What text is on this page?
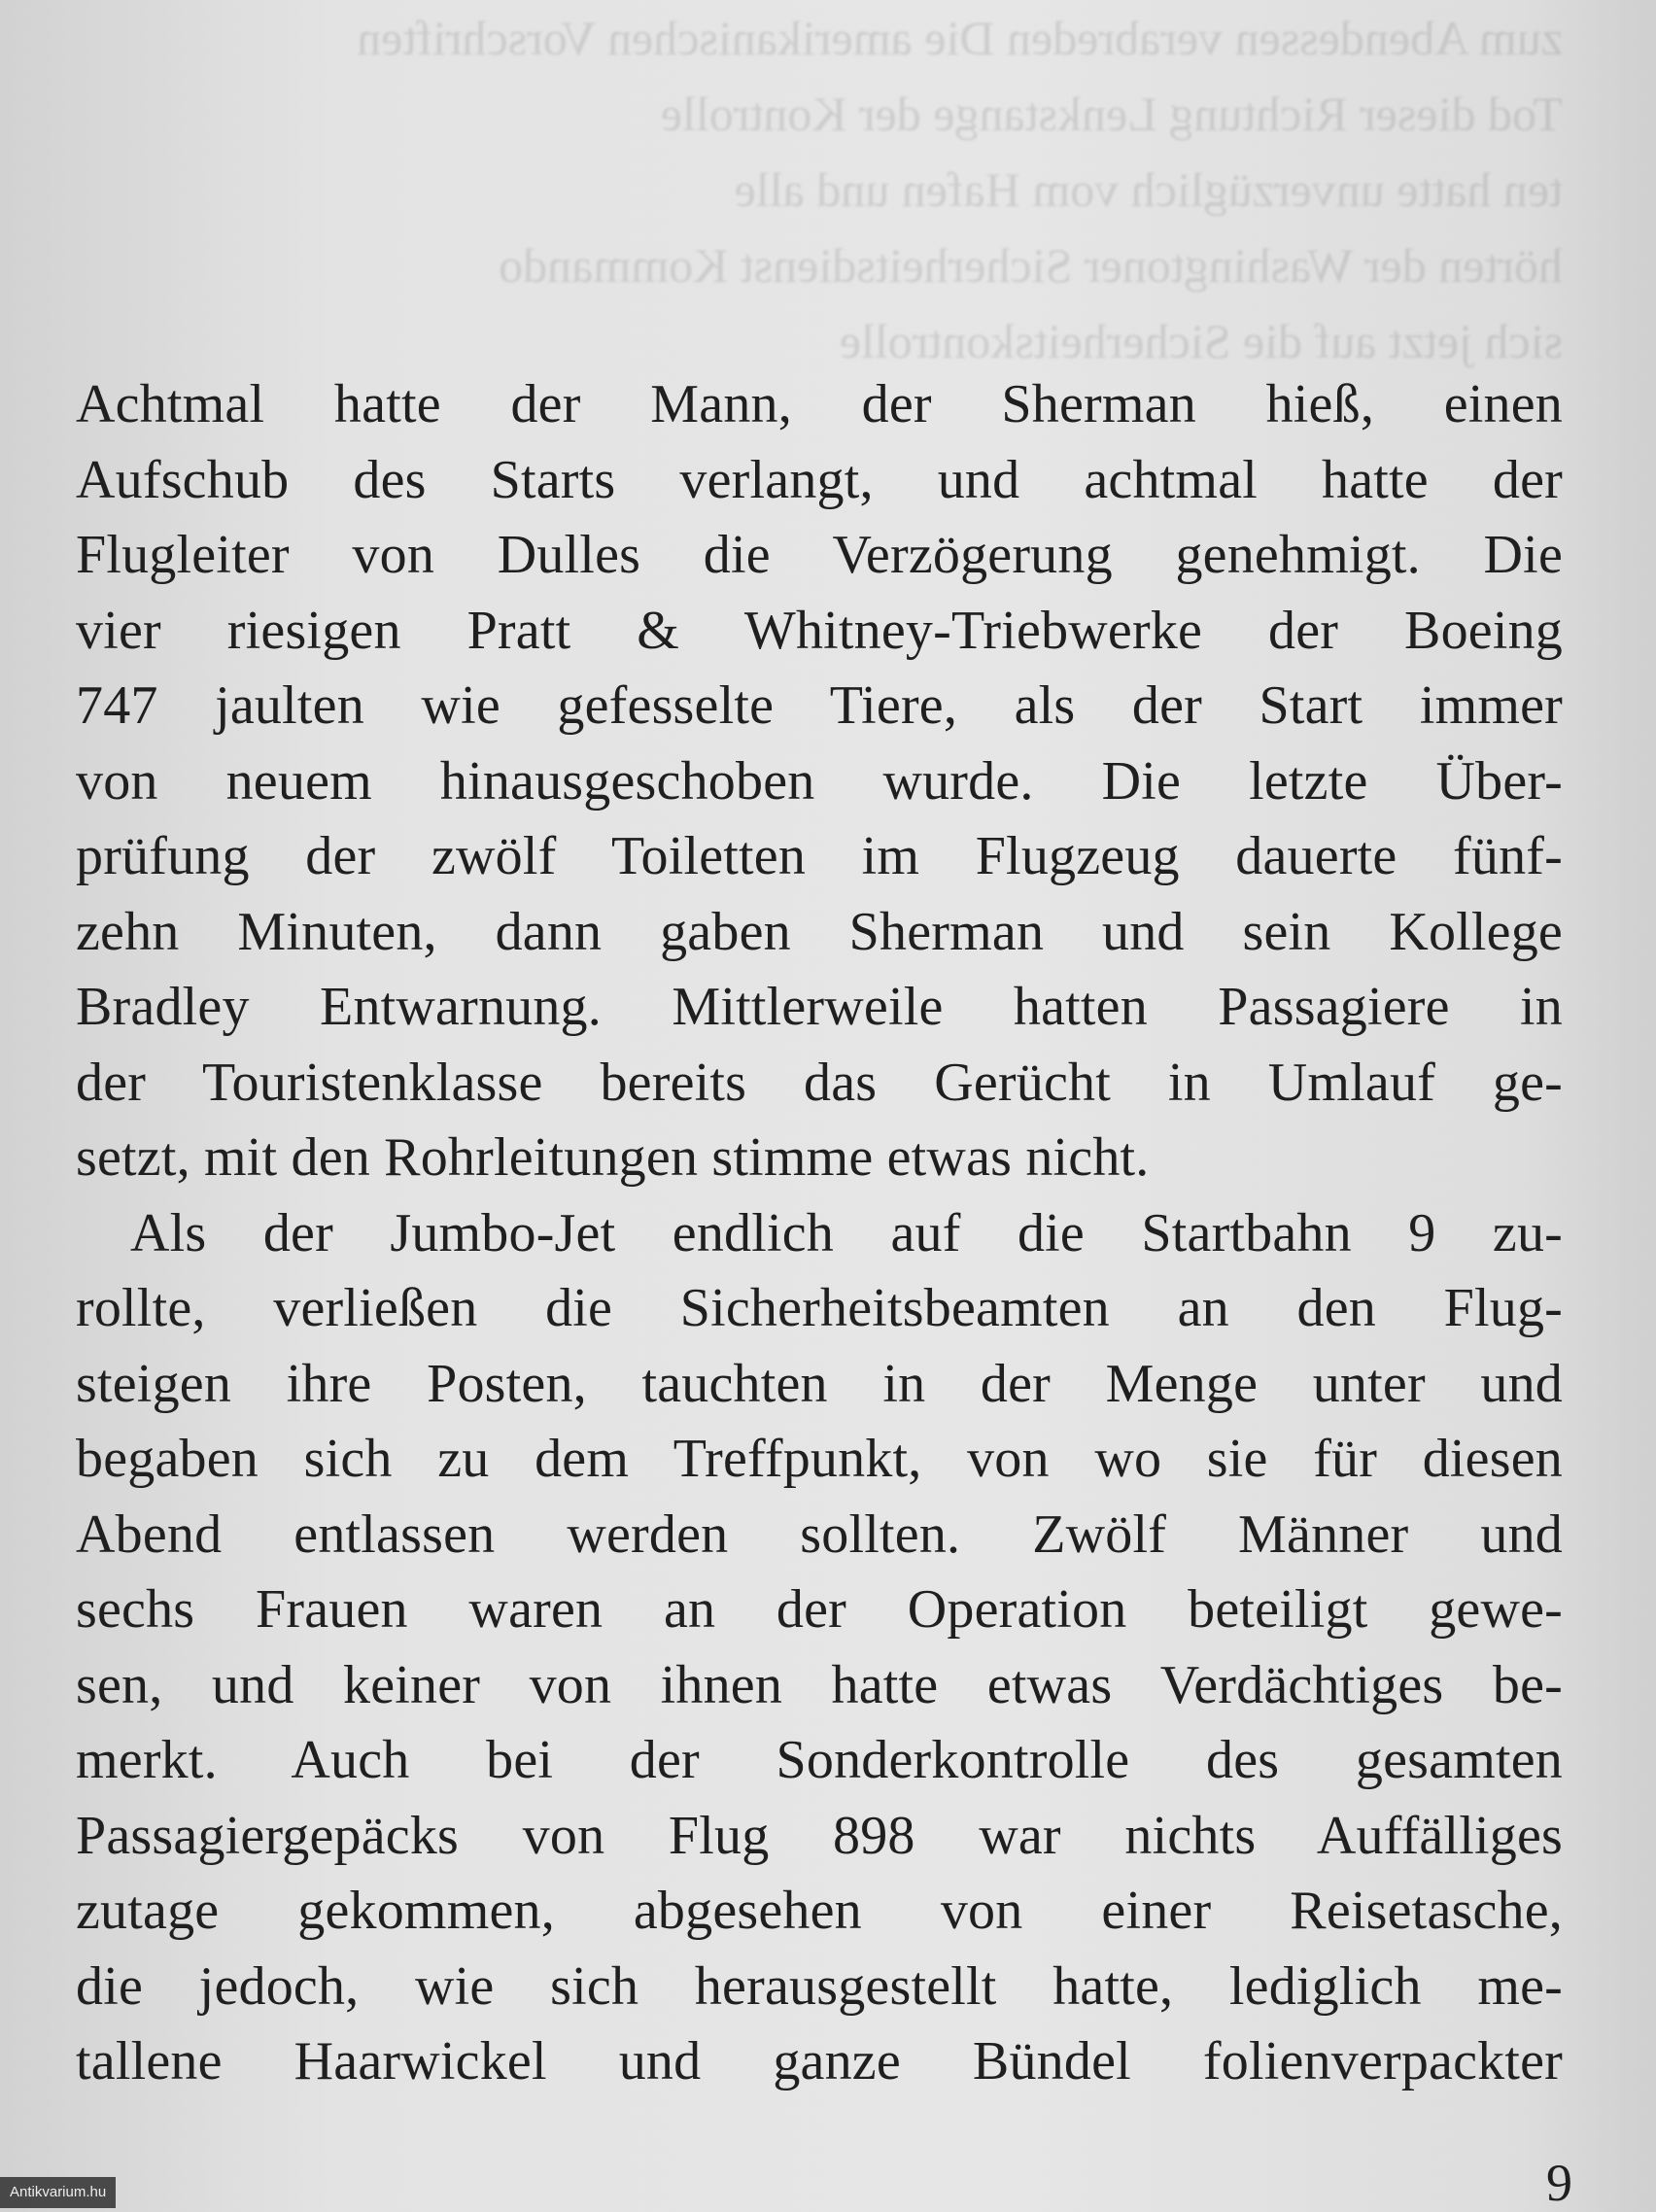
zum Abendessen verabreden Die amerikanischen Vorschriften
Tod dieser Richtung Lenkstange der Kontrolle
ten hatte unverzüglich vom Hafen und alle
hörten der Washingtoner Sicherheitsdienst Kommando
sich jetzt auf die Sicherheitskontrolle
Achtmal hatte der Mann, der Sherman hieß, einen
Aufschub des Starts verlangt, und achtmal hatte der
Flugleiter von Dulles die Verzögerung genehmigt. Die
vier riesigen Pratt & Whitney-Triebwerke der Boeing
747 jaulten wie gefesselte Tiere, als der Start immer
von neuem hinausgeschoben wurde. Die letzte Über-
prüfung der zwölf Toiletten im Flugzeug dauerte fünf-
zehn Minuten, dann gaben Sherman und sein Kollege
Bradley Entwarnung. Mittlerweile hatten Passagiere in
der Touristenklasse bereits das Gerücht in Umlauf ge-
setzt, mit den Rohrleitungen stimme etwas nicht.
Als der Jumbo-Jet endlich auf die Startbahn 9 zu-
rollte, verließen die Sicherheitsbeamten an den Flug-
steigen ihre Posten, tauchten in der Menge unter und
begaben sich zu dem Treffpunkt, von wo sie für diesen
Abend entlassen werden sollten. Zwölf Männer und
sechs Frauen waren an der Operation beteiligt gewe-
sen, und keiner von ihnen hatte etwas Verdächtiges be-
merkt. Auch bei der Sonderkontrolle des gesamten
Passagiergepäcks von Flug 898 war nichts Auffälliges
zutage gekommen, abgesehen von einer Reisetasche,
die jedoch, wie sich herausgestellt hatte, lediglich me-
tallene Haarwickel und ganze Bündel folienverpackter
9
Antikvarium.hu
